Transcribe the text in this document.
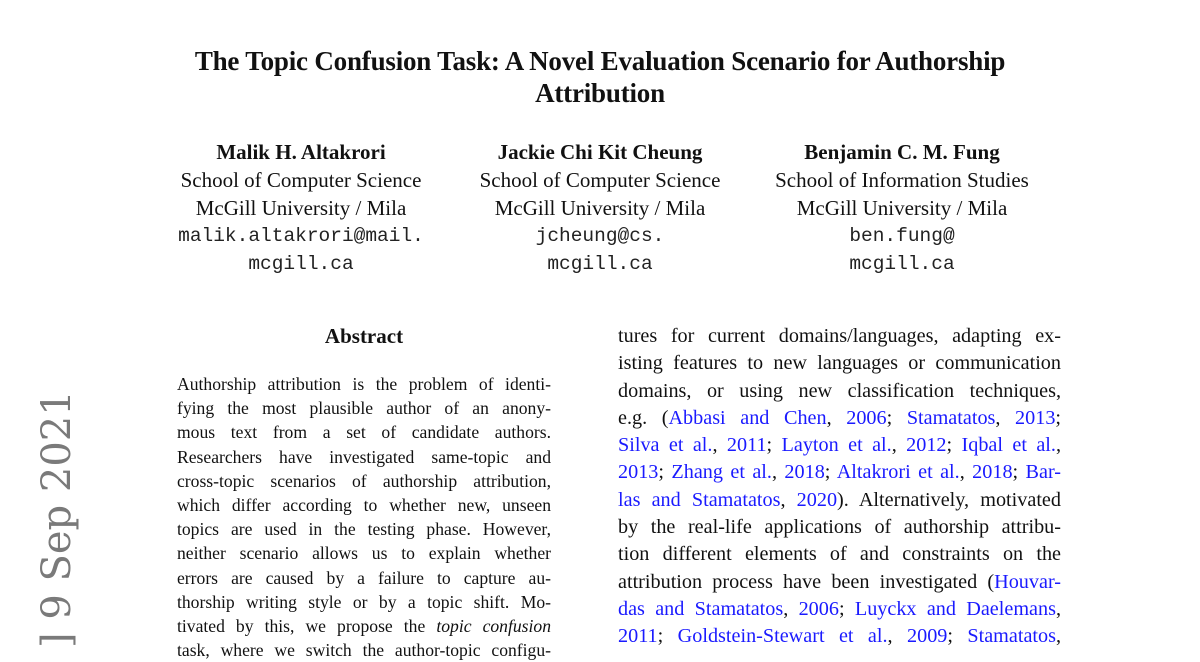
] 9 Sep 2021
The Topic Confusion Task: A Novel Evaluation Scenario for Authorship
Attribution
Malik H. Altakrori
School of Computer Science
McGill University / Mila
malik.altakrori@mail.
mcgill.ca
Jackie Chi Kit Cheung
School of Computer Science
McGill University / Mila
jcheung@cs.
mcgill.ca
Benjamin C. M. Fung
School of Information Studies
McGill University / Mila
ben.fung@
mcgill.ca
Abstract
Authorship attribution is the problem of identi-
fying the most plausible author of an anony-
mous text from a set of candidate authors.
Researchers have investigated same-topic and
cross-topic scenarios of authorship attribution,
which differ according to whether new, unseen
topics are used in the testing phase. However,
neither scenario allows us to explain whether
errors are caused by a failure to capture au-
thorship writing style or by a topic shift. Mo-
tivated by this, we propose the topic confusion
task, where we switch the author-topic configu-
tures for current domains/languages, adapting ex-
isting features to new languages or communication
domains, or using new classification techniques,
e.g. (Abbasi and Chen, 2006; Stamatatos, 2013;
Silva et al., 2011; Layton et al., 2012; Iqbal et al.,
2013; Zhang et al., 2018; Altakrori et al., 2018; Bar-
las and Stamatatos, 2020). Alternatively, motivated
by the real-life applications of authorship attribu-
tion different elements of and constraints on the
attribution process have been investigated (Houvar-
das and Stamatatos, 2006; Luyckx and Daelemans,
2011; Goldstein-Stewart et al., 2009; Stamatatos,
